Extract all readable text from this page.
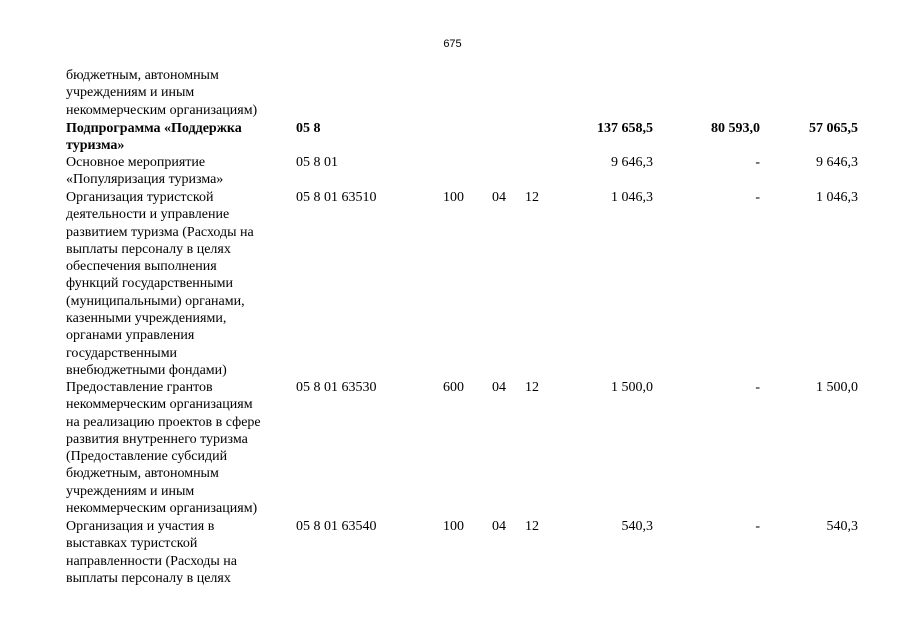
675
бюджетным, автономным
учреждениям и иным
некоммерческим организациям)
Подпрограмма «Поддержка
туризма»
05 8	137 658,5	80 593,0	57 065,5
Основное мероприятие
«Популяризация туризма»
05 8 01	9 646,3	-	9 646,3
Организация туристской
деятельности и управление
развитием туризма (Расходы на
выплаты персоналу в целях
обеспечения выполнения
функций государственными
(муниципальными) органами,
казенными учреждениями,
органами управления
государственными
внебюджетными фондами)
05 8 01 63510	100 04 12	1 046,3	-	1 046,3
Предоставление грантов
некоммерческим организациям
на реализацию проектов в сфере
развития внутреннего туризма
(Предоставление субсидий
бюджетным, автономным
учреждениям и иным
некоммерческим организациям)
05 8 01 63530	600 04 12	1 500,0	-	1 500,0
Организация и участия в
выставках туристской
направленности (Расходы на
выплаты персоналу в целях
05 8 01 63540	100 04 12	540,3	-	540,3
